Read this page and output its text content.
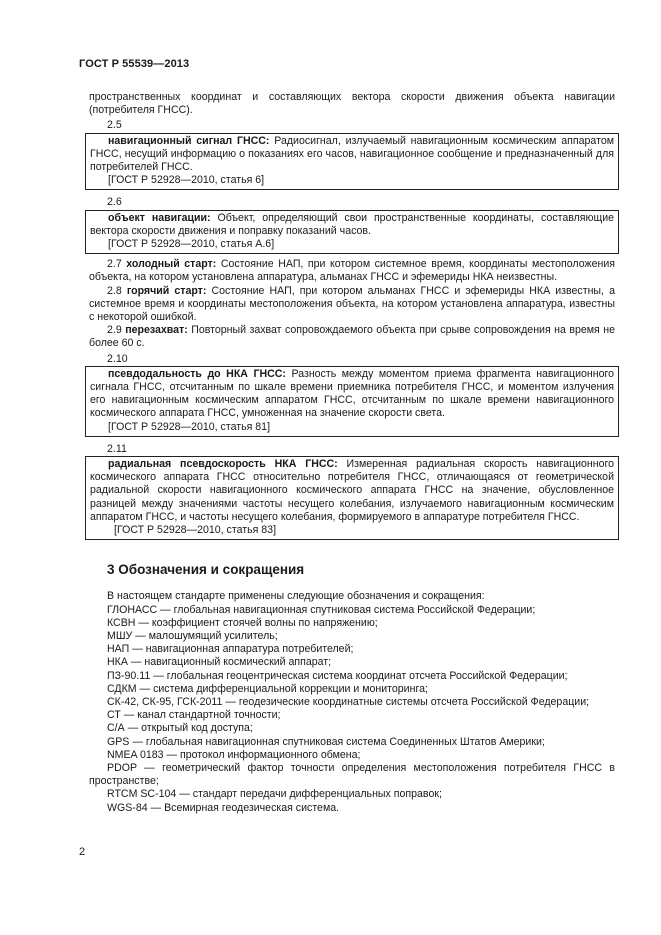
ГОСТ Р 55539—2013

пространственных координат и составляющих вектора скорости движения объекта навигации (потребителя ГНСС).

2.5

навигационный сигнал ГНСС: Радиосигнал, излучаемый навигационным космическим аппаратом ГНСС, несущий информацию о показаниях его часов, навигационное сообщение и предназначенный для потребителей ГНСС.

[ГОСТ Р 52928—2010, статья 6]

2.6

объект навигации: Объект, определяющий свои пространственные координаты, составляющие вектора скорости движения и поправку показаний часов.

[ГОСТ Р 52928—2010, статья А.6]

2.7 холодный старт: Состояние НАП, при котором системное время, координаты местоположения объекта, на котором установлена аппаратура, альманах ГНСС и эфемериды НКА неизвестны.

2.8 горячий старт: Состояние НАП, при котором альманах ГНСС и эфемериды НКА известны, а системное время и координаты местоположения объекта, на котором установлена аппаратура, известны с некоторой ошибкой.

2.9 перезахват: Повторный захват сопровождаемого объекта при срыве сопровождения на время не более 60 с.

2.10

псевдодальность до НКА ГНСС: Разность между моментом приема фрагмента навигационного сигнала ГНСС, отсчитанным по шкале времени приемника потребителя ГНСС, и моментом излучения его навигационным космическим аппаратом ГНСС, отсчитанным по шкале времени навигационного космического аппарата ГНСС, умноженная на значение скорости света.

[ГОСТ Р 52928—2010, статья 81]

2.11

радиальная псевдоскорость НКА ГНСС: Измеренная радиальная скорость навигационного космического аппарата ГНСС относительно потребителя ГНСС, отличающаяся от геометрической радиальной скорости навигационного космического аппарата ГНСС на значение, обусловленное разницей между значениями частоты несущего колебания, излучаемого навигационным космическим аппаратом ГНСС, и частоты несущего колебания, формируемого в аппаратуре потребителя ГНСС.

[ГОСТ Р 52928—2010, статья 83]

3 Обозначения и сокращения

В настоящем стандарте применены следующие обозначения и сокращения:

ГЛОНАСС — глобальная навигационная спутниковая система Российской Федерации;

КСВН — коэффициент стоячей волны по напряжению;

МШУ — малошумящий усилитель;

НАП — навигационная аппаратура потребителей;

НКА — навигационный космический аппарат;

ПЗ-90.11 — глобальная геоцентрическая система координат отсчета Российской Федерации;

СДКМ — система дифференциальной коррекции и мониторинга;

СК-42, СК-95, ГСК-2011 — геодезические координатные системы отсчета Российской Федерации;

СТ — канал стандартной точности;

С/А — открытый код доступа;

GPS — глобальная навигационная спутниковая система Соединенных Штатов Америки;

NMEA 0183 — протокол информационного обмена;

PDOP — геометрический фактор точности определения местоположения потребителя ГНСС в пространстве;

RTCM SC-104 — стандарт передачи дифференциальных поправок;

WGS-84 — Всемирная геодезическая система.

2
